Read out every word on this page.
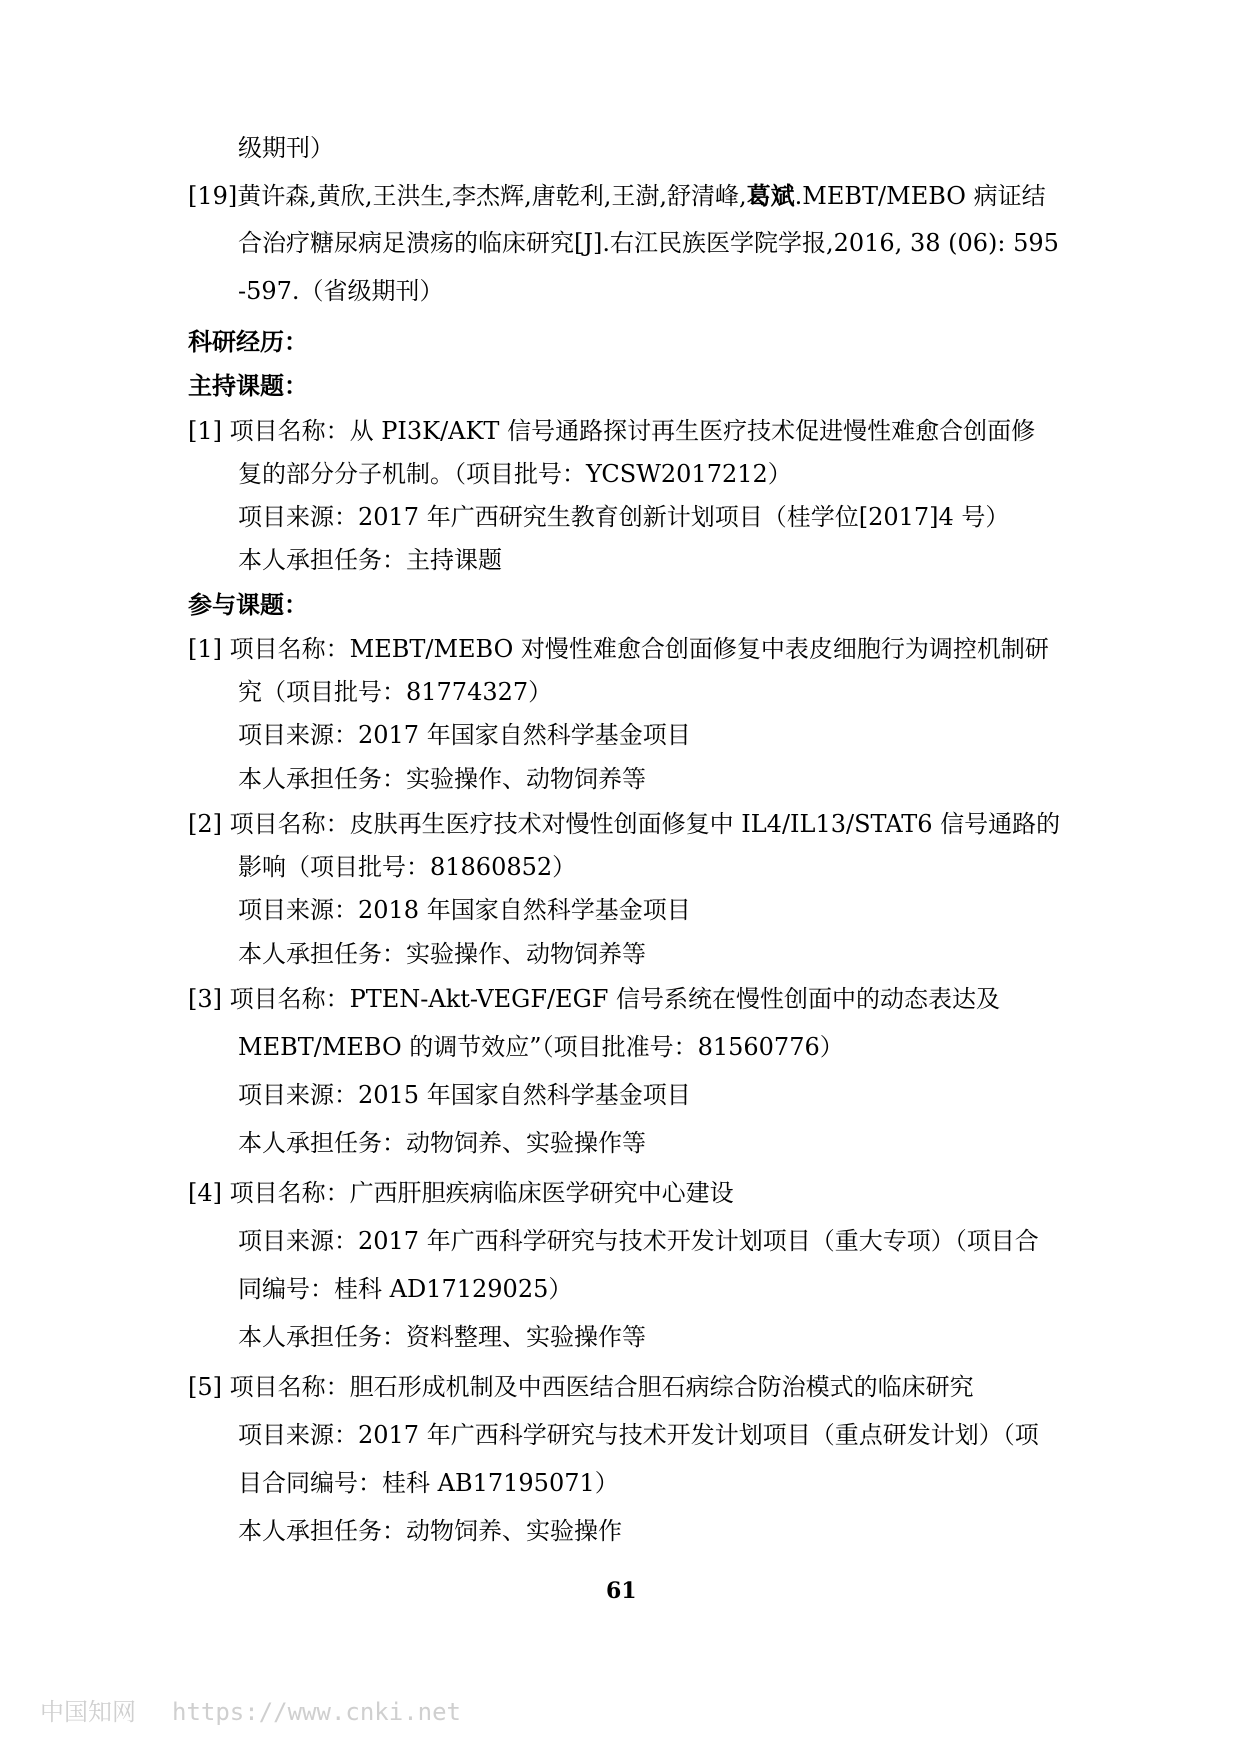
级期刊）
[19]黄许森,黄欣,王洪生,李杰辉,唐乾利,王澍,舒清峰,葛斌.MEBT/MEBO 病证结
合治疗糖尿病足溃疡的临床研究[J].右江民族医学院学报,2016, 38 (06): 595
-597.（省级期刊）
科研经历：
主持课题：
[1] 项目名称：从 PI3K/AKT 信号通路探讨再生医疗技术促进慢性难愈合创面修
复的部分分子机制。（项目批号：YCSW2017212）
项目来源：2017 年广西研究生教育创新计划项目（桂学位[2017]4 号）
本人承担任务：主持课题
参与课题：
[1] 项目名称：MEBT/MEBO 对慢性难愈合创面修复中表皮细胞行为调控机制研
究（项目批号：81774327）
项目来源：2017 年国家自然科学基金项目
本人承担任务：实验操作、动物饲养等
[2] 项目名称：皮肤再生医疗技术对慢性创面修复中 IL4/IL13/STAT6 信号通路的
影响（项目批号：81860852）
项目来源：2018 年国家自然科学基金项目
本人承担任务：实验操作、动物饲养等
[3] 项目名称：PTEN-Akt-VEGF/EGF 信号系统在慢性创面中的动态表达及
MEBT/MEBO 的调节效应”（项目批准号：81560776）
项目来源：2015 年国家自然科学基金项目
本人承担任务：动物饲养、实验操作等
[4] 项目名称：广西肝胆疾病临床医学研究中心建设
项目来源：2017 年广西科学研究与技术开发计划项目（重大专项）（项目合
同编号：桂科 AD17129025）
本人承担任务：资料整理、实验操作等
[5] 项目名称：胆石形成机制及中西医结合胆石病综合防治模式的临床研究
项目来源：2017 年广西科学研究与技术开发计划项目（重点研发计划）（项
目合同编号：桂科 AB17195071）
本人承担任务：动物饲养、实验操作
61
中国知网 https://www.cnki.net
